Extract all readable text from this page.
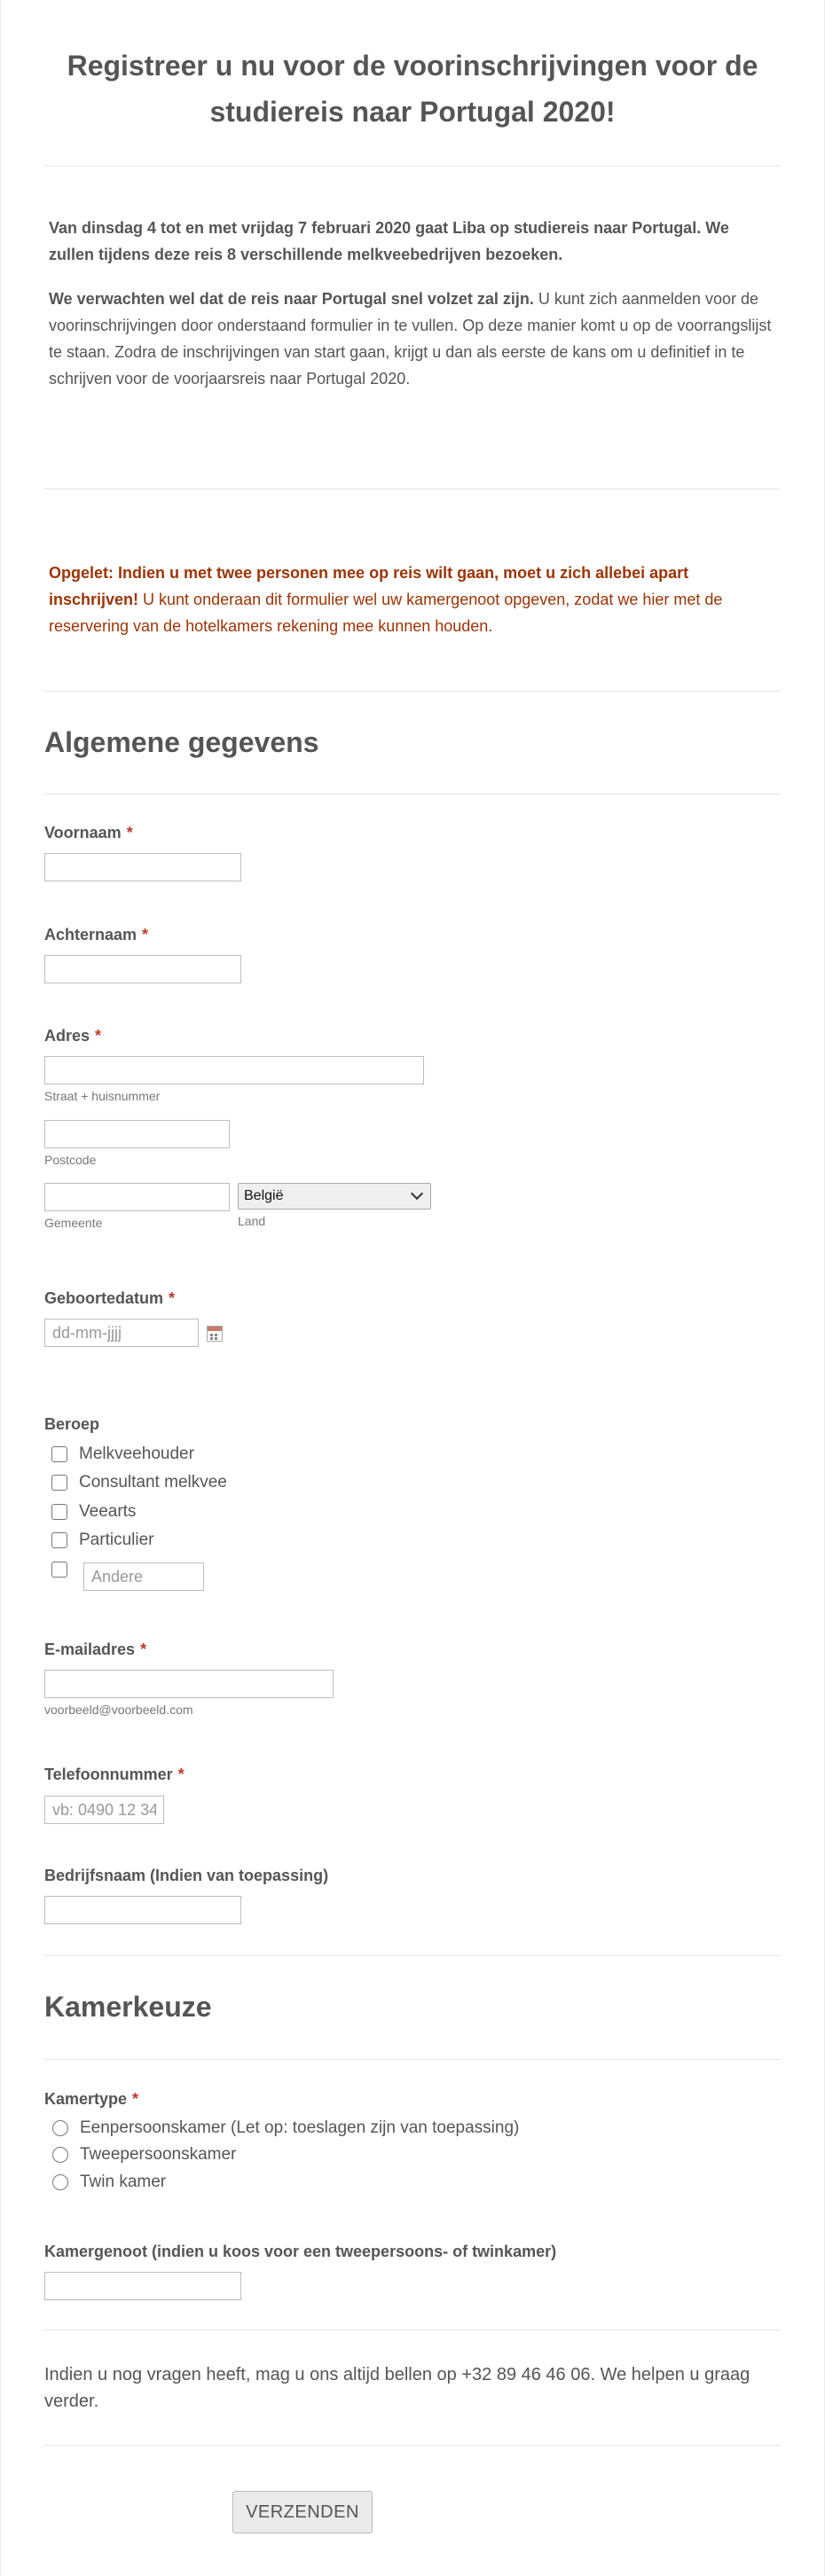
Registreer u nu voor de voorinschrijvingen voor de studiereis naar Portugal 2020!
Van dinsdag 4 tot en met vrijdag 7 februari 2020 gaat Liba op studiereis naar Portugal. We zullen tijdens deze reis 8 verschillende melkveebedrijven bezoeken.
We verwachten wel dat de reis naar Portugal snel volzet zal zijn. U kunt zich aanmelden voor de voorinschrijvingen door onderstaand formulier in te vullen. Op deze manier komt u op de voorrangslijst te staan. Zodra de inschrijvingen van start gaan, krijgt u dan als eerste de kans om u definitief in te schrijven voor de voorjaarsreis naar Portugal 2020.
Opgelet: Indien u met twee personen mee op reis wilt gaan, moet u zich allebei apart inschrijven! U kunt onderaan dit formulier wel uw kamergenoot opgeven, zodat we hier met de reservering van de hotelkamers rekening mee kunnen houden.
Algemene gegevens
Voornaam *
Achternaam *
Adres *
Straat + huisnummer
Postcode
Gemeente
België
Land
Geboortedatum *
dd-mm-jjjj
Beroep
Melkveehouder
Consultant melkvee
Veearts
Particulier
Andere
E-mailadres *
voorbeeld@voorbeeld.com
Telefoonnummer *
vb: 0490 12 34 56
Bedrijfsnaam (Indien van toepassing)
Kamerkeuze
Kamertype *
Eenpersoonskamer (Let op: toeslagen zijn van toepassing)
Tweepersoonskamer
Twin kamer
Kamergenoot (indien u koos voor een tweepersoons- of twinkamer)
Indien u nog vragen heeft, mag u ons altijd bellen op +32 89 46 46 06. We helpen u graag verder.
VERZENDEN
